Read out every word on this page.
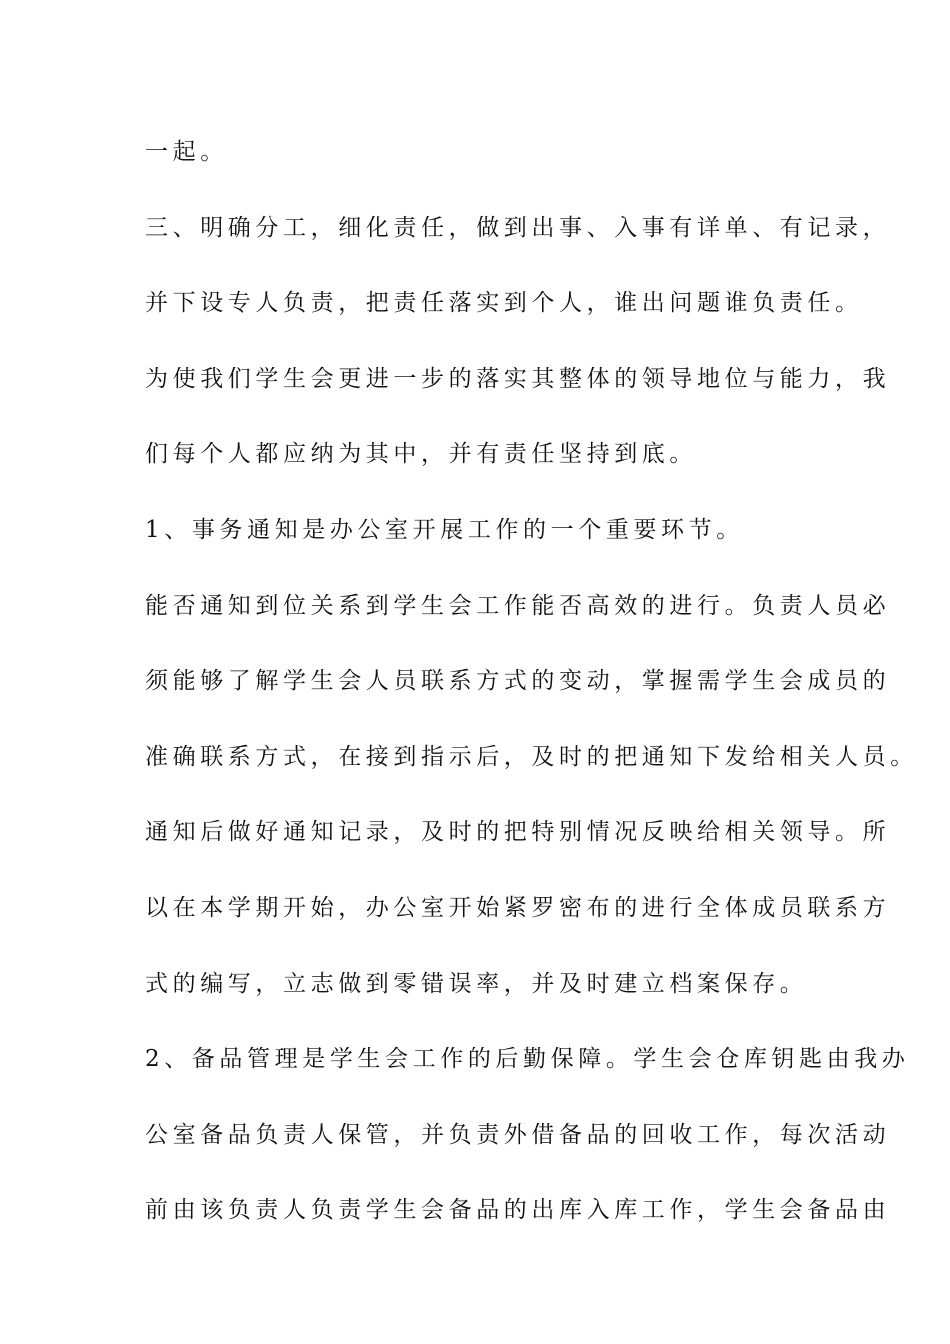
一起。
三、明确分工，细化责任，做到出事、入事有详单、有记录，
并下设专人负责，把责任落实到个人，谁出问题谁负责任。
为使我们学生会更进一步的落实其整体的领导地位与能力，我
们每个人都应纳为其中，并有责任坚持到底。
1、事务通知是办公室开展工作的一个重要环节。
能否通知到位关系到学生会工作能否高效的进行。负责人员必
须能够了解学生会人员联系方式的变动，掌握需学生会成员的
准确联系方式，在接到指示后，及时的把通知下发给相关人员。
通知后做好通知记录，及时的把特别情况反映给相关领导。所
以在本学期开始，办公室开始紧罗密布的进行全体成员联系方
式的编写，立志做到零错误率，并及时建立档案保存。
2、备品管理是学生会工作的后勤保障。学生会仓库钥匙由我办
公室备品负责人保管，并负责外借备品的回收工作，每次活动
前由该负责人负责学生会备品的出库入库工作，学生会备品由
